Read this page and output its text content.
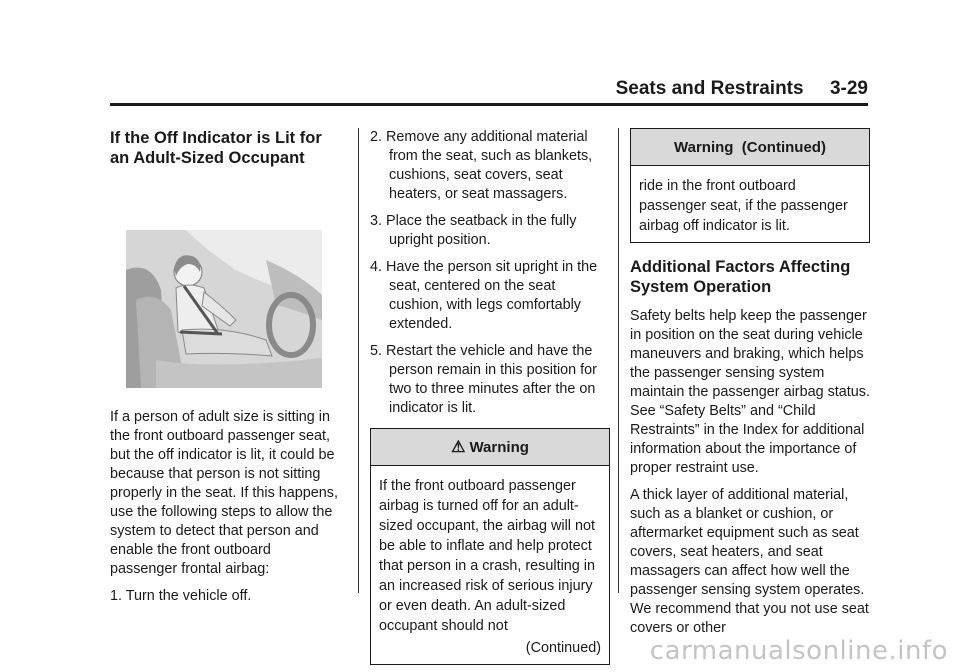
Seats and Restraints     3-29
If the Off Indicator is Lit for an Adult-Sized Occupant

If a person of adult size is sitting in the front outboard passenger seat, but the off indicator is lit, it could be because that person is not sitting properly in the seat. If this happens, use the following steps to allow the system to detect that person and enable the front outboard passenger frontal airbag:

1. Turn the vehicle off.
2. Remove any additional material from the seat, such as blankets, cushions, seat covers, seat heaters, or seat massagers.
3. Place the seatback in the fully upright position.
4. Have the person sit upright in the seat, centered on the seat cushion, with legs comfortably extended.
5. Restart the vehicle and have the person remain in this position for two to three minutes after the on indicator is lit.
⚠ Warning
If the front outboard passenger airbag is turned off for an adult-sized occupant, the airbag will not be able to inflate and help protect that person in a crash, resulting in an increased risk of serious injury or even death. An adult-sized occupant should not
(Continued)
Warning  (Continued)
ride in the front outboard passenger seat, if the passenger airbag off indicator is lit.
Additional Factors Affecting System Operation

Safety belts help keep the passenger in position on the seat during vehicle maneuvers and braking, which helps the passenger sensing system maintain the passenger airbag status. See “Safety Belts” and “Child Restraints” in the Index for additional information about the importance of proper restraint use.

A thick layer of additional material, such as a blanket or cushion, or aftermarket equipment such as seat covers, seat heaters, and seat massagers can affect how well the passenger sensing system operates. We recommend that you not use seat covers or other

carmanualsonline.info
